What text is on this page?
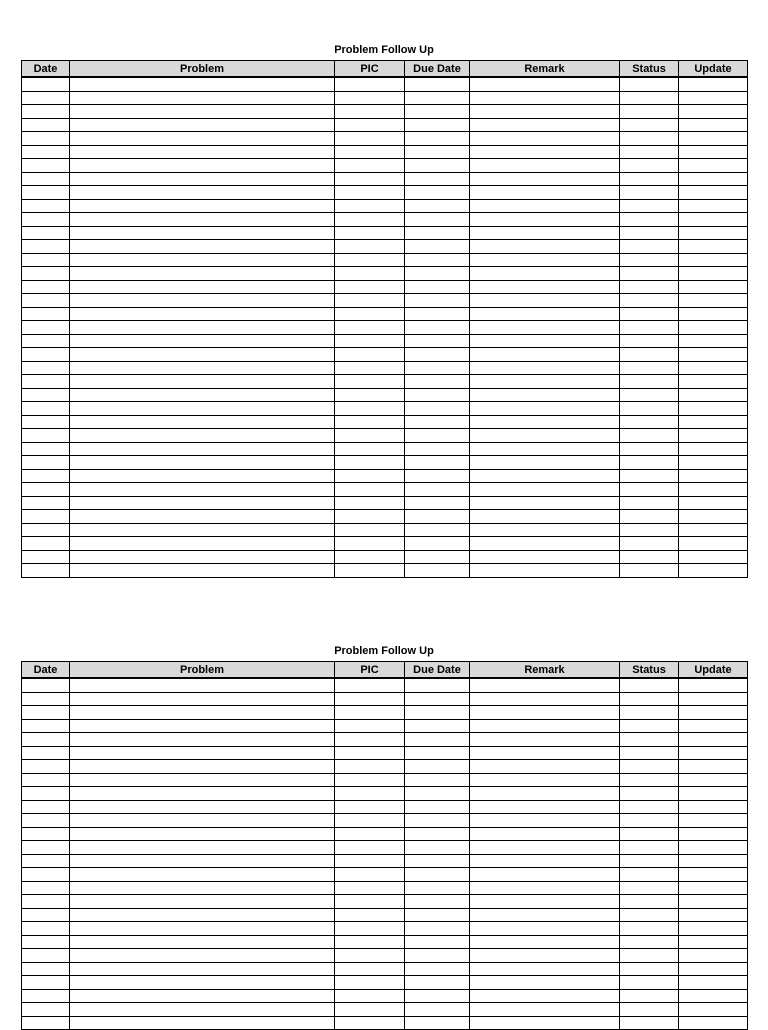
Problem Follow Up
Date	Problem	PIC	Due Date	Remark	Status	Update

Problem Follow Up
Date	Problem	PIC	Due Date	Remark	Status	Update
